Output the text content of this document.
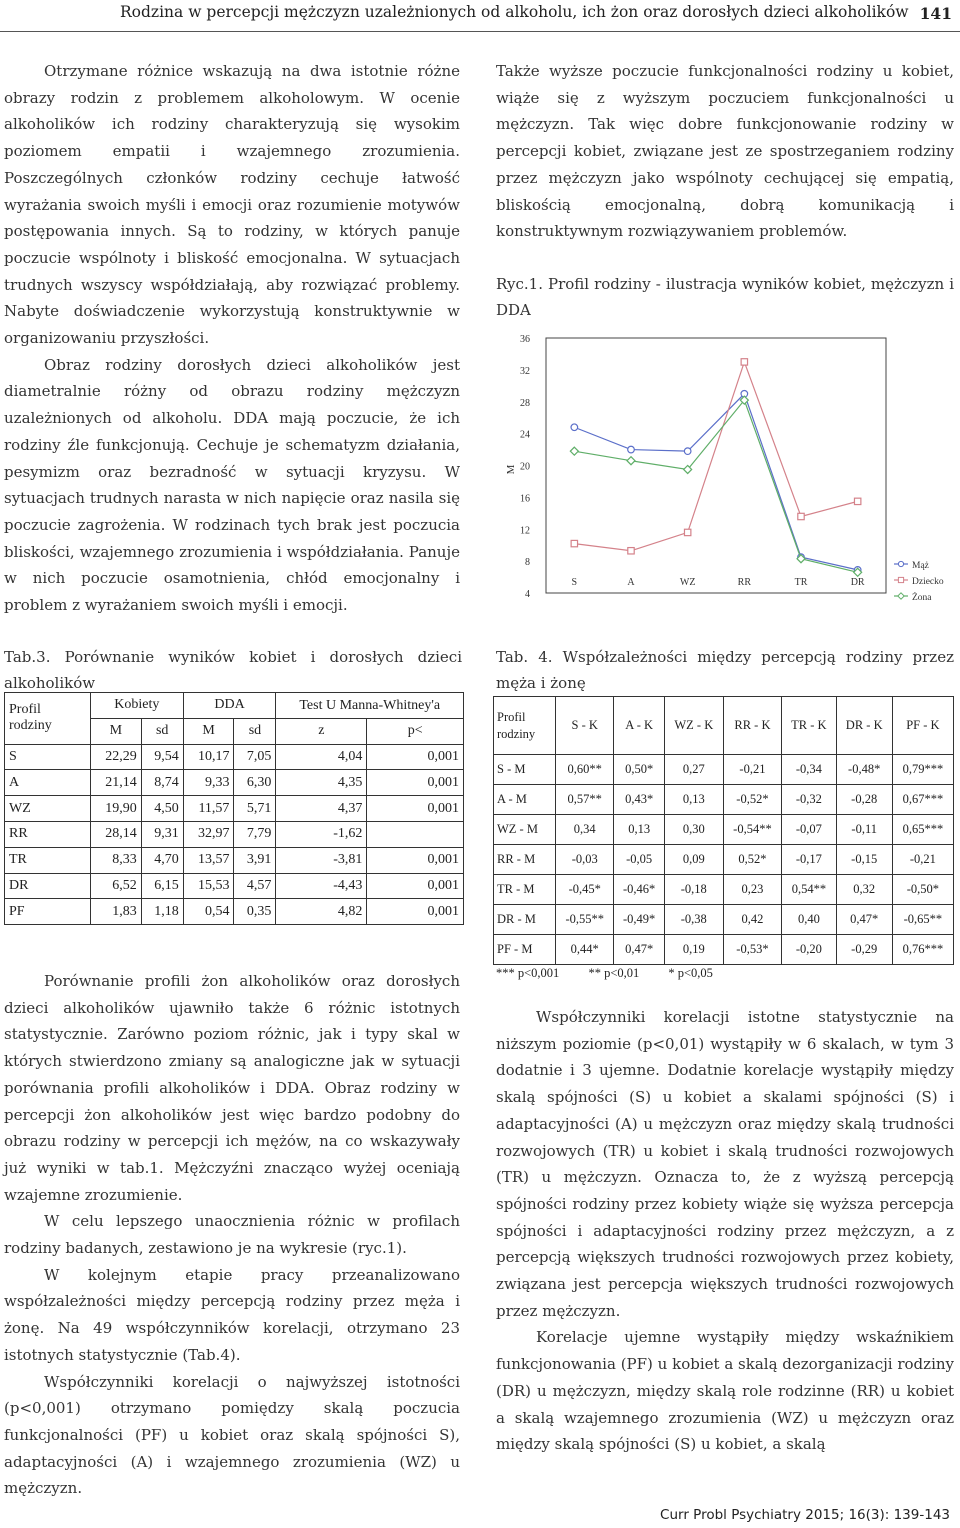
Rodzina w percepcji mężczyzn uzależnionych od alkoholu, ich żon oraz dorosłych dzieci alkoholików 141

Otrzymane różnice wskazują na dwa istotnie różne obrazy rodzin z problemem alkoholowym. W ocenie alkoholików ich rodziny charakteryzują się wysokim poziomem empatii i wzajemnego zrozumienia. Poszczególnych członków rodziny cechuje łatwość wyrażania swoich myśli i emocji oraz rozumienie motywów postępowania innych. Są to rodziny, w których panuje poczucie wspólnoty i bliskość emocjonalna. W sytuacjach trudnych wszyscy współdziałają, aby rozwiązać problemy. Nabyte doświadczenie wykorzystują konstruktywnie w organizowaniu przyszłości.

Obraz rodziny dorosłych dzieci alkoholików jest diametralnie różny od obrazu rodziny mężczyzn uzależnionych od alkoholu. DDA mają poczucie, że ich rodziny źle funkcjonują. Cechuje je schematyzm działania, pesymizm oraz bezradność w sytuacji kryzysu. W sytuacjach trudnych narasta w nich napięcie oraz nasila się poczucie zagrożenia. W rodzinach tych brak jest poczucia bliskości, wzajemnego zrozumienia i współdziałania. Panuje w nich poczucie osamotnienia, chłód emocjonalny i problem z wyrażaniem swoich myśli i emocji.

Także wyższe poczucie funkcjonalności rodziny u kobiet, wiąże się z wyższym poczuciem funkcjonalności u mężczyzn. Tak więc dobre funkcjonowanie rodziny w percepcji kobiet, związane jest ze spostrzeganiem rodziny przez mężczyzn jako wspólnoty cechującej się empatią, bliskością emocjonalną, dobrą komunikacją i konstruktywnym rozwiązywaniem problemów.

Ryc.1. Profil rodziny - ilustracja wyników kobiet, mężczyzn i DDA
36
32
28
24
20
16
12
8
4
M
S	A	WZ	RR	TR	DR
Mąż
Dziecko
Żona
Tab.3. Porównanie wyników kobiet i dorosłych dzieci alkoholików
Profil rodziny	Kobiety		DDA		Test U Manna-Whitney'a	
	M	sd	M	sd	z	p<
S	22,29	9,54	10,17	7,05	4,04	0,001
A	21,14	8,74	9,33	6,30	4,35	0,001
WZ	19,90	4,50	11,57	5,71	4,37	0,001
RR	28,14	9,31	32,97	7,79	-1,62	
TR	8,33	4,70	13,57	3,91	-3,81	0,001
DR	6,52	6,15	15,53	4,57	-4,43	0,001
PF	1,83	1,18	0,54	0,35	4,82	0,001

Porównanie profili żon alkoholików oraz dorosłych dzieci alkoholików ujawniło także 6 różnic istotnych statystycznie. Zarówno poziom różnic, jak i typy skal w których stwierdzono zmiany są analogiczne jak w sytuacji porównania profili alkoholików i DDA. Obraz rodziny w percepcji żon alkoholików jest więc bardzo podobny do obrazu rodziny w percepcji ich mężów, na co wskazywały już wyniki w tab.1. Mężczyźni znacząco wyżej oceniają wzajemne zrozumienie.

W celu lepszego unaocznienia różnic w profilach rodziny badanych, zestawiono je na wykresie (ryc.1).

W kolejnym etapie pracy przeanalizowano współzależności między percepcją rodziny przez męża i żonę. Na 49 współczynników korelacji, otrzymano 23 istotnych statystycznie (Tab.4).

Współczynniki korelacji o najwyższej istotności (p<0,001) otrzymano pomiędzy skalą poczucia funkcjonalności (PF) u kobiet oraz skalą spójności S), adaptacyjności (A) i wzajemnego zrozumienia (WZ) u mężczyzn.

Tab. 4. Współzależności między percepcją rodziny przez męża i żonę
Profil rodziny	S - K	A - K	WZ - K	RR - K	TR - K	DR - K	PF - K
S - M	0,60**	0,50*	0,27	-0,21	-0,34	-0,48*	0,79***
A - M	0,57**	0,43*	0,13	-0,52*	-0,32	-0,28	0,67***
WZ - M	0,34	0,13	0,30	-0,54**	-0,07	-0,11	0,65***
RR - M	-0,03	-0,05	0,09	0,52*	-0,17	-0,15	-0,21
TR - M	-0,45*	-0,46*	-0,18	0,23	0,54**	0,32	-0,50*
DR - M	-0,55**	-0,49*	-0,38	0,42	0,40	0,47*	-0,65**
PF - M	0,44*	0,47*	0,19	-0,53*	-0,20	-0,29	0,76***
*** p<0,001 ** p<0,01 * p<0,05

Współczynniki korelacji istotne statystycznie na niższym poziomie (p<0,01) wystąpiły w 6 skalach, w tym 3 dodatnie i 3 ujemne. Dodatnie korelacje wystąpiły między skalą spójności (S) u kobiet a skalami spójności (S) i adaptacyjności (A) u mężczyzn oraz między skalą trudności rozwojowych (TR) u kobiet i skalą trudności rozwojowych (TR) u mężczyzn. Oznacza to, że z wyższą percepcją spójności rodziny przez kobiety wiąże się wyższa percepcja spójności i adaptacyjności rodziny przez mężczyzn, a z percepcją większych trudności rozwojowych przez kobiety, związana jest percepcja większych trudności rozwojowych przez mężczyzn.

Korelacje ujemne wystąpiły między wskaźnikiem funkcjonowania (PF) u kobiet a skalą dezorganizacji rodziny (DR) u mężczyzn, między skalą role rodzinne (RR) u kobiet a skalą wzajemnego zrozumienia (WZ) u mężczyzn oraz między skalą spójności (S) u kobiet, a skalą

Curr Probl Psychiatry 2015; 16(3): 139-143
